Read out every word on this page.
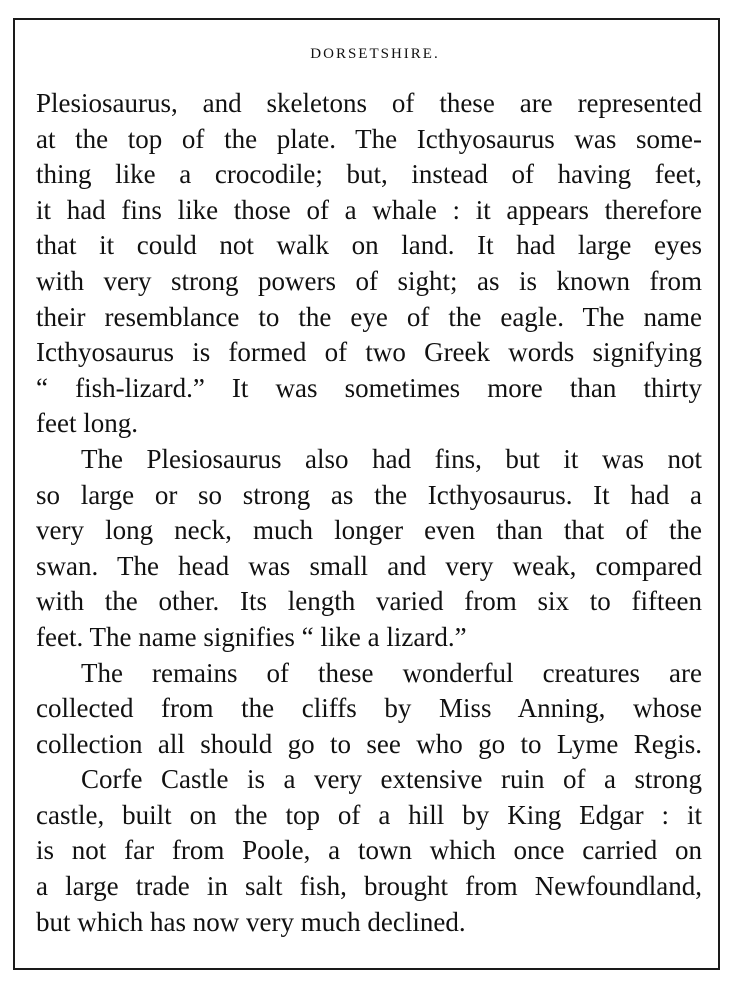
DORSETSHIRE.

Plesiosaurus, and skeletons of these are represented
at the top of the plate. The Icthyosaurus was some-
thing like a crocodile; but, instead of having feet,
it had fins like those of a whale : it appears therefore
that it could not walk on land. It had large eyes
with very strong powers of sight; as is known from
their resemblance to the eye of the eagle. The name
Icthyosaurus is formed of two Greek words signifying
“ fish-lizard.” It was sometimes more than thirty
feet long.

The Plesiosaurus also had fins, but it was not
so large or so strong as the Icthyosaurus. It had a
very long neck, much longer even than that of the
swan. The head was small and very weak, compared
with the other. Its length varied from six to fifteen
feet. The name signifies “ like a lizard.”

The remains of these wonderful creatures are
collected from the cliffs by Miss Anning, whose
collection all should go to see who go to Lyme Regis.

Corfe Castle is a very extensive ruin of a strong
castle, built on the top of a hill by King Edgar : it
is not far from Poole, a town which once carried on
a large trade in salt fish, brought from Newfoundland,
but which has now very much declined.
